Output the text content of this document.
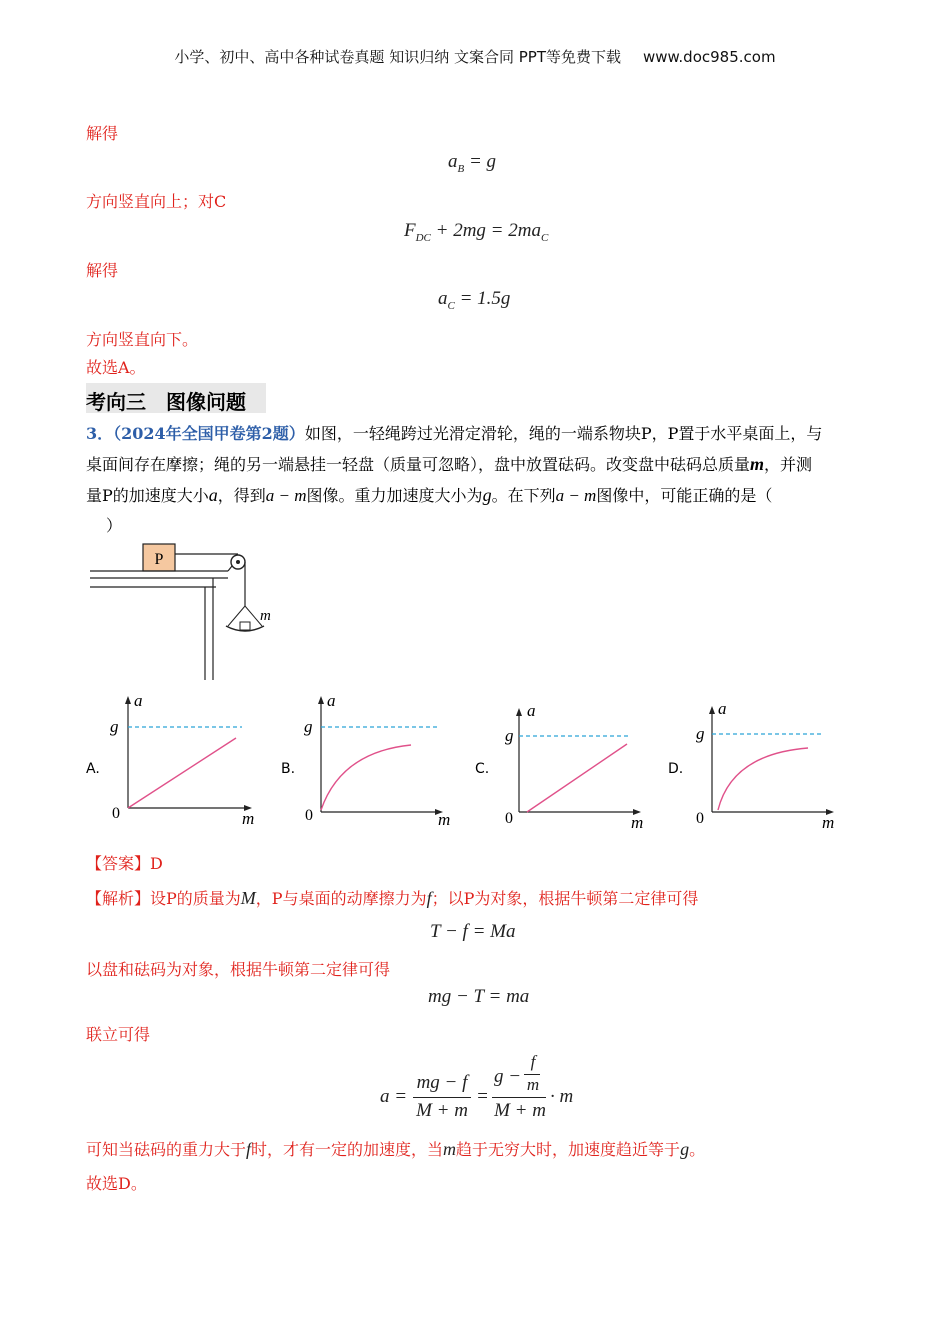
小学、初中、高中各种试卷真题 知识归纳 文案合同 PPT等免费下载 www.doc985.com
解得
$a_B = g$
方向竖直向上；对C
$F_{DC} + 2mg = 2ma_C$
解得
$a_C = 1.5g$
方向竖直向下。
故选A。
考向三　图像问题
3．（2024年全国甲卷第2题）如图，一轻绳跨过光滑定滑轮，绳的一端系物块P，P置于水平桌面上，与
桌面间存在摩擦；绳的另一端悬挂一轻盘（质量可忽略），盘中放置砝码。改变盘中砝码总质量m，并测
量P的加速度大小a，得到a − m图像。重力加速度大小为g。在下列a − m图像中，可能正确的是（
）
P
m
A.
a
g
0	m
B.
a
g
0	m
C.
a
g
0	m
D.
a
g
0	m
【答案】D
【解析】设P的质量为M，P与桌面的动摩擦力为f；以P为对象，根据牛顿第二定律可得
T − f = Ma
以盘和砝码为对象，根据牛顿第二定律可得
mg − T = ma
联立可得
a =
mg − f
M + m
=
g −
f
m
M + m
· m
可知当砝码的重力大于f时，才有一定的加速度，当m趋于无穷大时，加速度趋近等于g。
故选D。
